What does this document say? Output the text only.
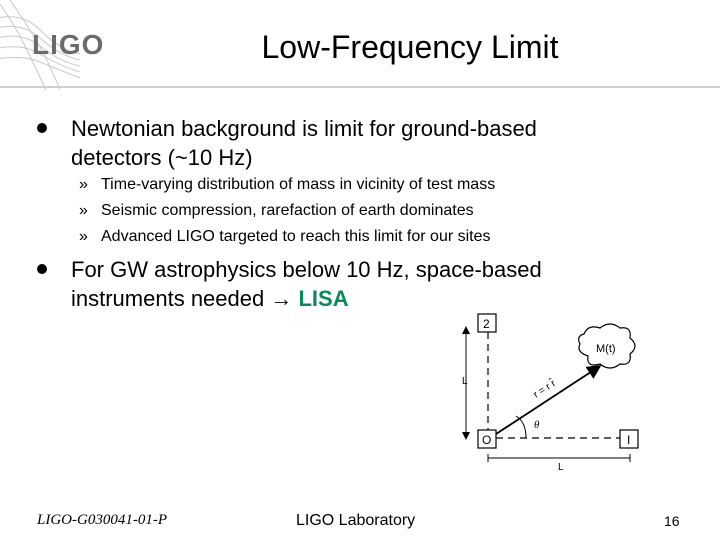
LIGO	Low-Frequency Limit
Newtonian background is limit for ground-based
detectors (~10 Hz)
» Time-varying distribution of mass in vicinity of test mass
» Seismic compression, rarefaction of earth dominates
» Advanced LIGO targeted to reach this limit for our sites
For GW astrophysics below 10 Hz, space-based
instruments needed → LISA
L
2
O	I
L
M(t)
r = r r̂
θ
LIGO-G030041-01-P	LIGO Laboratory	16
